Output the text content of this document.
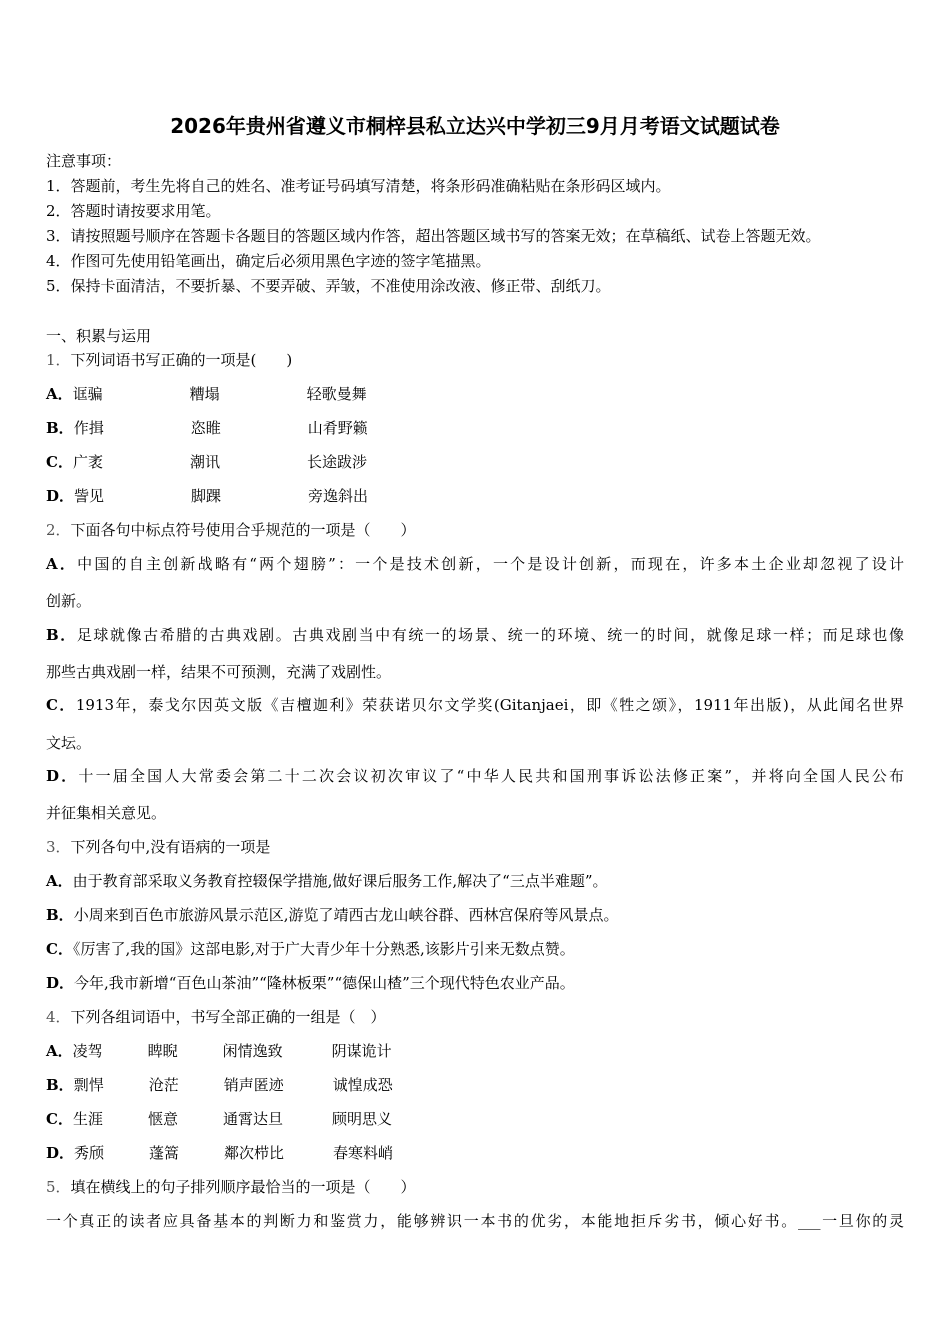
2026年贵州省遵义市桐梓县私立达兴中学初三9月月考语文试题试卷
注意事项：
1．答题前，考生先将自己的姓名、准考证号码填写清楚，将条形码准确粘贴在条形码区域内。
2．答题时请按要求用笔。
3．请按照题号顺序在答题卡各题目的答题区域内作答，超出答题区域书写的答案无效；在草稿纸、试卷上答题无效。
4．作图可先使用铅笔画出，确定后必须用黑色字迹的签字笔描黑。
5．保持卡面清洁，不要折暴、不要弄破、弄皱，不准使用涂改液、修正带、刮纸刀。
一、积累与运用
1．下列词语书写正确的一项是(　　)
A．诓骗	糟塌	轻歌曼舞
B．作揖	恣睢	山肴野籁
C．广袤	潮讯	长途跋涉
D．訾见	脚踝	旁逸斜出
2．下面各句中标点符号使用合乎规范的一项是（　　）
A．中国的自主创新战略有“两个翅膀”：一个是技术创新，一个是设计创新，而现在，许多本土企业却忽视了设计
创新。
B．足球就像古希腊的古典戏剧。古典戏剧当中有统一的场景、统一的环境、统一的时间，就像足球一样；而足球也像
那些古典戏剧一样，结果不可预测，充满了戏剧性。
C．1913年，泰戈尔因英文版《吉檀迦利》荣获诺贝尔文学奖(Gitanjaei，即《牲之颂》，1911年出版)，从此闻名世界
文坛。
D．十一届全国人大常委会第二十二次会议初次审议了“中华人民共和国刑事诉讼法修正案”，并将向全国人民公布
并征集相关意见。
3．下列各句中,没有语病的一项是
A．由于教育部采取义务教育控辍保学措施,做好课后服务工作,解决了“三点半难题”。
B．小周来到百色市旅游风景示范区,游览了靖西古龙山峡谷群、西林宫保府等风景点。
C．《厉害了,我的国》这部电影,对于广大青少年十分熟悉,该影片引来无数点赞。
D．今年,我市新增“百色山茶油”“隆林板栗”“德保山楂”三个现代特色农业产品。
4．下列各组词语中，书写全部正确的一组是（　）
A．凌驾	睥睨	闲情逸致	阴谋诡计
B．剽悍	沧茫	销声匿迹	诚惶成恐
C．生涯	惬意	通霄达旦	顾明思义
D．秀颀	蓬篙	鄰次栉比	春寒料峭
5．填在横线上的句子排列顺序最恰当的一项是（　　）
一个真正的读者应具备基本的判断力和鉴赏力，能够辨识一本书的优劣，本能地拒斥劣书，倾心好书。___一旦你的灵
